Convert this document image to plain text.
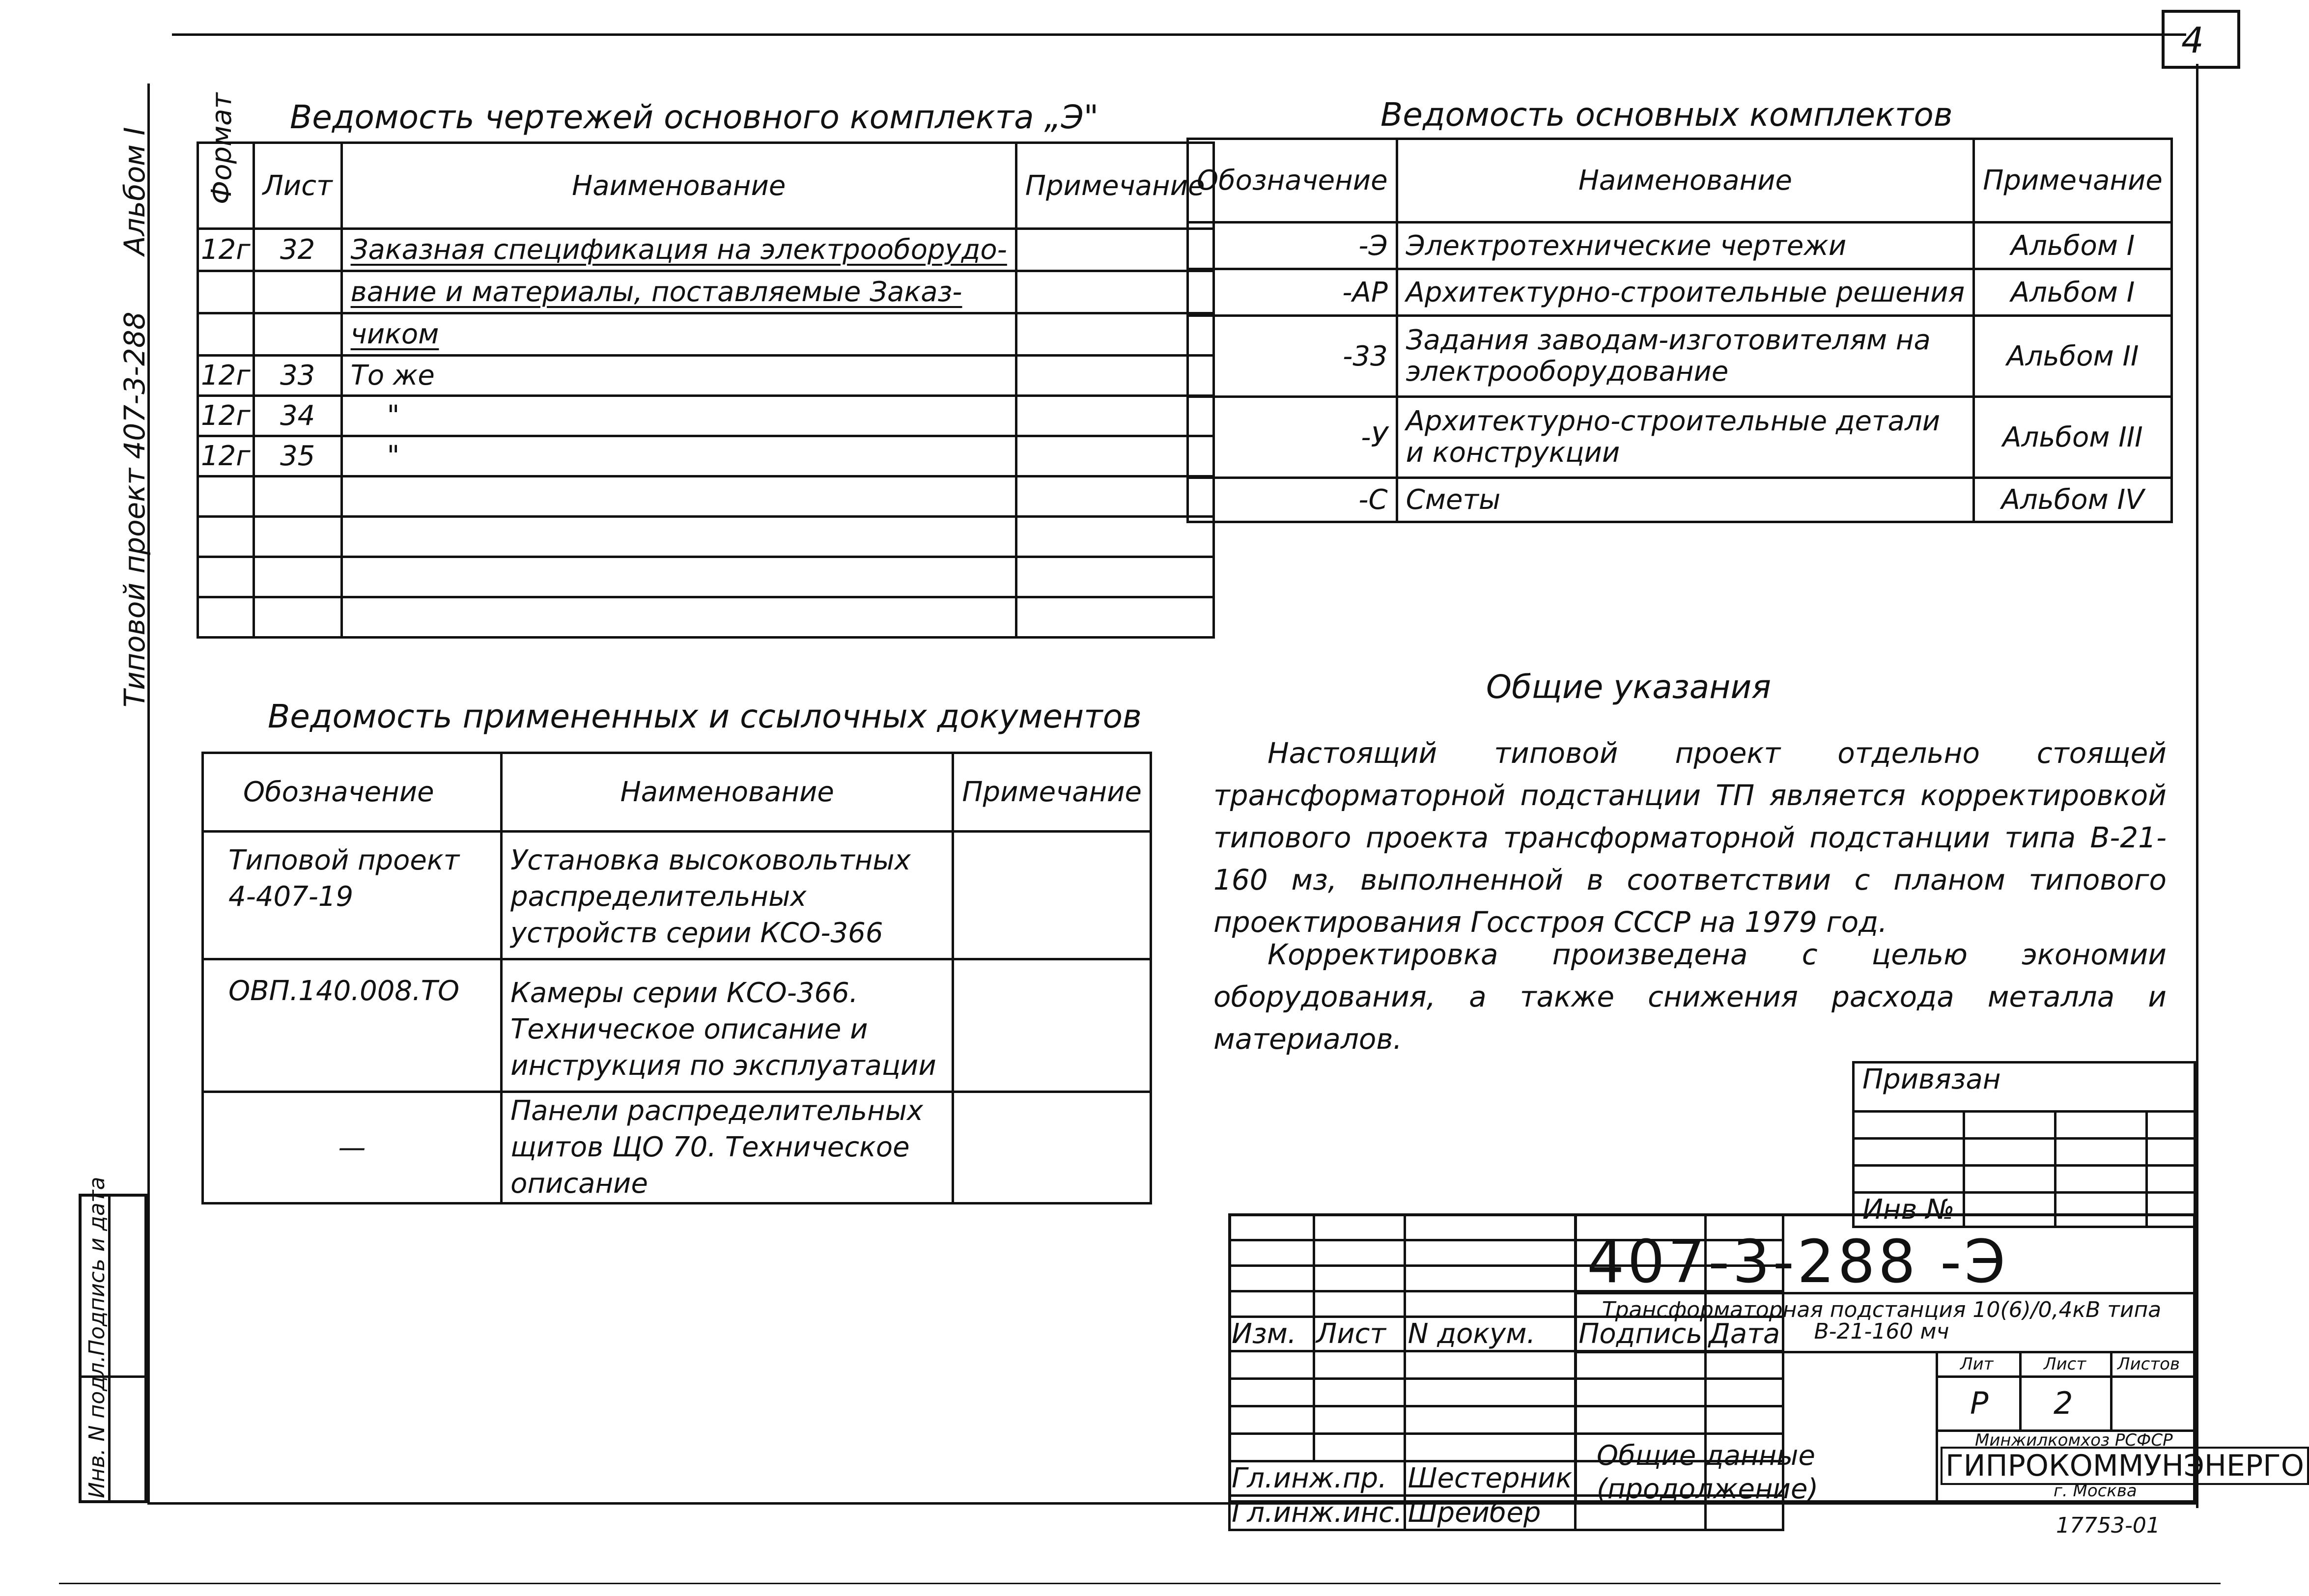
4
Альбом I
Типовой проект 407-3-288
Подпись и дата
Инв. N подл.
Ведомость чертежей основного комплекта „Э"
Формат	Лист	Наименование	Примечание
12г	32	Заказная спецификация на электрооборудо-	
		вание и материалы, поставляемые Заказ-	
		чиком	
12г	33	То же	
12г	34	"	
12г	35	"	

Ведомость основных комплектов
Обозначение	Наименование	Примечание
-Э	Электротехнические чертежи	Альбом I
-АР	Архитектурно-строительные решения	Альбом I
-33	Задания заводам-изготовителям на электрооборудование	Альбом II
-У	Архитектурно-строительные детали и конструкции	Альбом III
-С	Сметы	Альбом IV
Ведомость примененных и ссылочных документов
Обозначение	Наименование	Примечание
Типовой проект 4-407-19	Установка высоковольтных распределительных устройств серии КСО-366	
ОВП.140.008.ТО	Камеры серии КСО-366. Техническое описание и инструкция по эксплуатации	
—	Панели распределительных щитов ЩО 70. Техническое описание	
Общие указания
Настоящий типовой проект отдельно стоящей трансформаторной подстанции ТП является корректировкой типового проекта трансформаторной подстанции типа В-21-160 мз, выполненной в соответствии с планом типового проектирования Госстроя СССР на 1979 год.
Корректировка произведена с целью экономии оборудования, а также снижения расхода металла и материалов.
Привязан			

Инв №			

Изм.	Лист	N докум.	Подпись	Дата

Гл.инж.пр.		Шестерник		
Гл.инж.инс.		Шрейбер		
407-3-288 -Э
Трансформаторная подстанция 10(6)/0,4кВ типа В-21-160 мч
Лит	Лист Листов
Р 2
Общие данные (продолжение)
Минжилкомхоз РСФСР
ГИПРОКОММУНЭНЕРГО
г. Москва
17753-01
